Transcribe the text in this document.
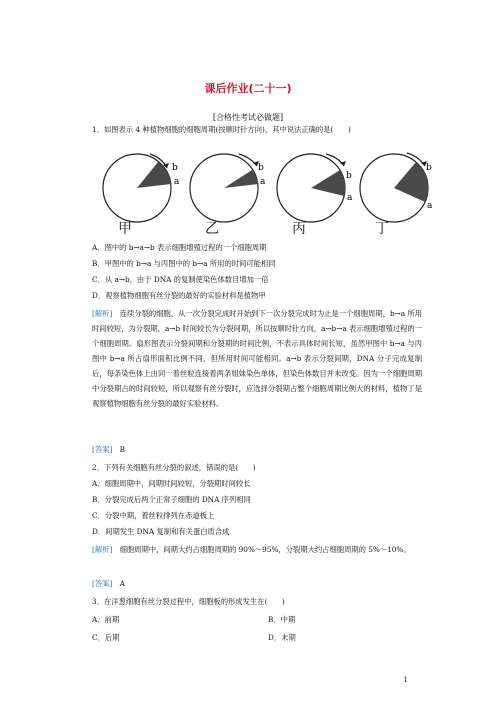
课后作业(二十一)
[合格性考试必做题]
1．如图表示 4 种植物细胞的细胞周期(按顺时针方向)，其中说法正确的是(　　)
b
a
b
a
b
a
b
a
甲	乙	丙	丁
A．图中的 b→a→b 表示细胞增殖过程的一个细胞周期
B．甲图中的 b→a 与丙图中的 b→a 所用的时间可能相同
C．从 a→b，由于 DNA 的复制使染色体数目增加一倍
D．观察植物细胞有丝分裂的最好的实验材料是植物甲
[解析]　 连续分裂的细胞，从一次分裂完成时开始到下一次分裂完成时为止是一个细胞周期，b→a 所用时间较短，为分裂期，a→b 时间较长为分裂间期，所以按顺时针方向，a→b→a 表示细胞增殖过程的一个细胞周期。扇形图表示分裂间期和分裂期的时间比例，不表示具体时间长短，虽然甲图中 b→a 与丙图中 b→a 所占扇形面积比例不同，但所用时间可能相同。a→b 表示分裂间期，DNA 分子完成复制后，每条染色体上由同一着丝粒连接着两条姐妹染色单体，但染色体数目并未改变。因为一个细胞周期中分裂期占的时间较短，所以观察有丝分裂时，应选择分裂期占整个细胞周期比例大的材料，植物丁是观察植物细胞有丝分裂的最好实验材料。
[答案]　 B
2．下列有关细胞有丝分裂的叙述，错误的是(　　)
A．细胞周期中，间期时间较短，分裂期时间较长
B．分裂完成后两个正常子细胞的 DNA 序列相同
C．分裂中期，着丝粒排列在赤道板上
D．间期发生 DNA 复制和有关蛋白质合成
[解析]　 细胞周期中，间期大约占细胞周期的 90%～95%，分裂期大约占细胞周期的 5%～10%。
[答案]　 A
3．在洋葱细胞有丝分裂过程中，细胞板的形成发生在(　　)
A．前期	B．中期
C．后期	D．末期
1
